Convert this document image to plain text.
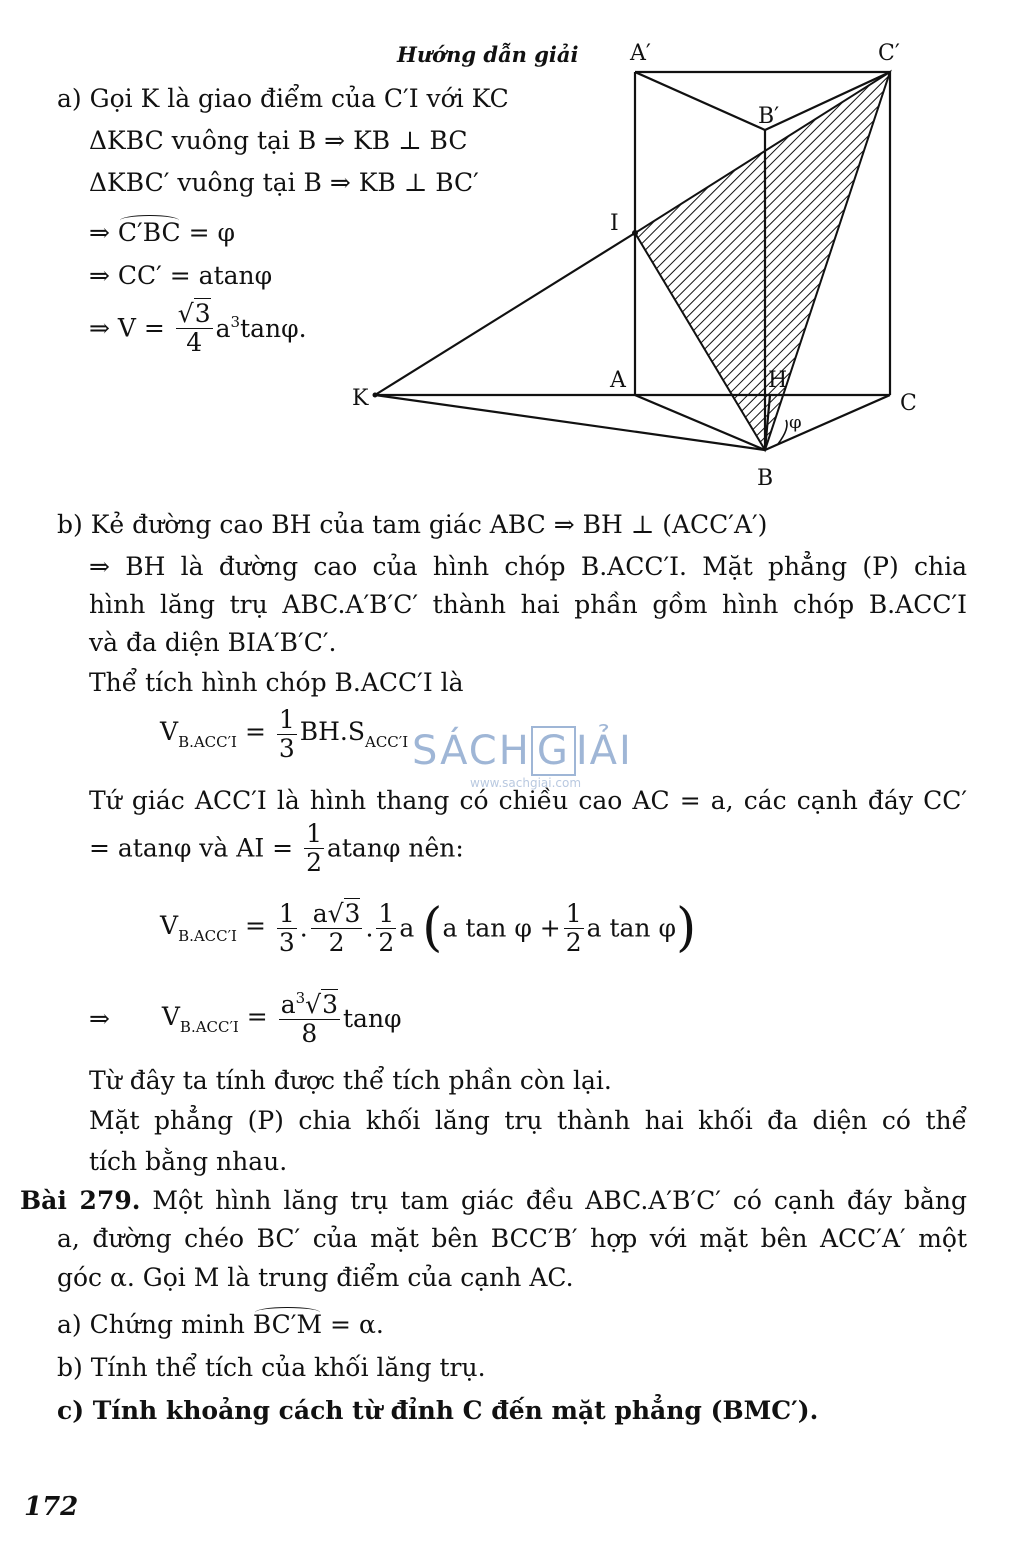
Hướng dẫn giải A′	C′
B′
I
K
A	H
C
B
φ
a) Gọi K là giao điểm của C′I với KC
ΔKBC vuông tại B ⇒ KB ⊥ BC
ΔKBC′ vuông tại B ⇒ KB ⊥ BC′
⇒ C′BC = φ
⇒ CC′ = atanφ
⇒ $V = \frac{√3}{4} a^3\tan\varphi$.
b) Kẻ đường cao BH của tam giác ABC ⇒ BH ⊥ (ACC′A′)
⇒ BH là đường cao của hình chóp B.ACC′I. Mặt phẳng (P) chia
hình lăng trụ ABC.A′B′C′ thành hai phần gồm hình chóp B.ACC′I
và đa diện BIA′B′C′.
Thể tích hình chóp B.ACC′I là
$V_{B.ACC'I} = \frac{1}{3} BH.S_{ACC'I}$ SÁCH G IẢI
www.sachgiai.com
Tứ giác ACC′I là hình thang có chiều cao AC = a, các cạnh đáy CC′
= atanφ và AI = $\frac{1}{2}$ atanφ nên:
$V_{B.ACC'I} = \frac{1}{3}$ . $\frac{a√3}{2}$ . $\frac{1}{2}$ a (a $\tan \varphi + \frac{1}{2}$ a tan φ)
⇒ $V_{B.ACC'I} = \frac{a^3√3}{8}$ tanφ
Từ đây ta tính được thể tích phần còn lại.
Mặt phẳng (P) chia khối lăng trụ thành hai khối đa diện có thể
tích bằng nhau.
Bài 279. Một hình lăng trụ tam giác đều ABC.A′B′C′ có cạnh đáy bằng
a, đường chéo BC′ của mặt bên BCC′B′ hợp với mặt bên ACC′A′ một
góc α. Gọi M là trung điểm của cạnh AC.
a) Chứng minh BC′M = α.
b) Tính thể tích của khối lăng trụ.
c) Tính khoảng cách từ đỉnh C đến mặt phẳng (BMC′).
172
